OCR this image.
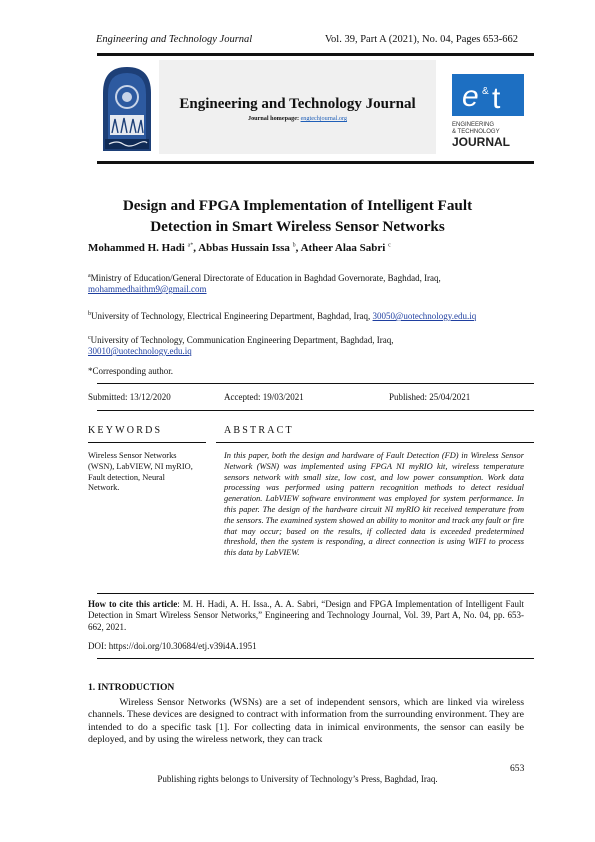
Engineering and Technology Journal	Vol. 39, Part A (2021), No. 04, Pages 653-662
Engineering and Technology Journal
Journal homepage: engtechjournal.org
e & t
ENGINEERING
& TECHNOLOGY
JOURNAL
Design and FPGA Implementation of Intelligent Fault
Detection in Smart Wireless Sensor Networks
Mohammed H. Hadi $^{a*}$, Abbas Hussain Issa $^b$, Atheer Alaa Sabri $^c$
$^a$Ministry of Education/General Directorate of Education in Baghdad Governorate, Baghdad, Iraq,
mohammedhaithm9@gmail.com
$^b$University of Technology, Electrical Engineering Department, Baghdad, Iraq, 30050@uotechnology.edu.iq
$^c$University of Technology, Communication Engineering Department, Baghdad, Iraq,
30010@uotechnology.edu.iq
*Corresponding author.
Submitted: 13/12/2020	Accepted: 19/03/2021	Published: 25/04/2021
KEYWORDS	ABSTRACT
Wireless Sensor Networks (WSN), LabVIEW, NI myRIO, Fault detection, Neural Network.
In this paper, both the design and hardware of Fault Detection (FD) in Wireless Sensor Network (WSN) was implemented using FPGA NI myRIO kit, wireless temperature sensors network with small size, low cost, and low power consumption. Work data processing was performed using pattern recognition methods to detect residual generation. LabVIEW software environment was employed for system performance. In this paper. The design of the hardware circuit NI myRIO kit received temperature from the sensors. The examined system showed an ability to monitor and track any fault or fire that may occur; based on the results, if collected data is exceeded predetermined threshold, then the system is responding, a direct connection is using WIFI to process this data by LabVIEW.
How to cite this article: M. H. Hadi, A. H. Issa., A. A. Sabri, “Design and FPGA Implementation of Intelligent Fault Detection in Smart Wireless Sensor Networks,” Engineering and Technology Journal, Vol. 39, Part A, No. 04, pp. 653-662, 2021.
DOI: https://doi.org/10.30684/etj.v39i4A.1951
1. INTRODUCTION
Wireless Sensor Networks (WSNs) are a set of independent sensors, which are linked via wireless channels. These devices are designed to contract with information from the surrounding environment. They are intended to do a specific task [1]. For collecting data in inimical environments, the sensor can easily be deployed, and by using the wireless network, they can track
653
Publishing rights belongs to University of Technology’s Press, Baghdad, Iraq.
